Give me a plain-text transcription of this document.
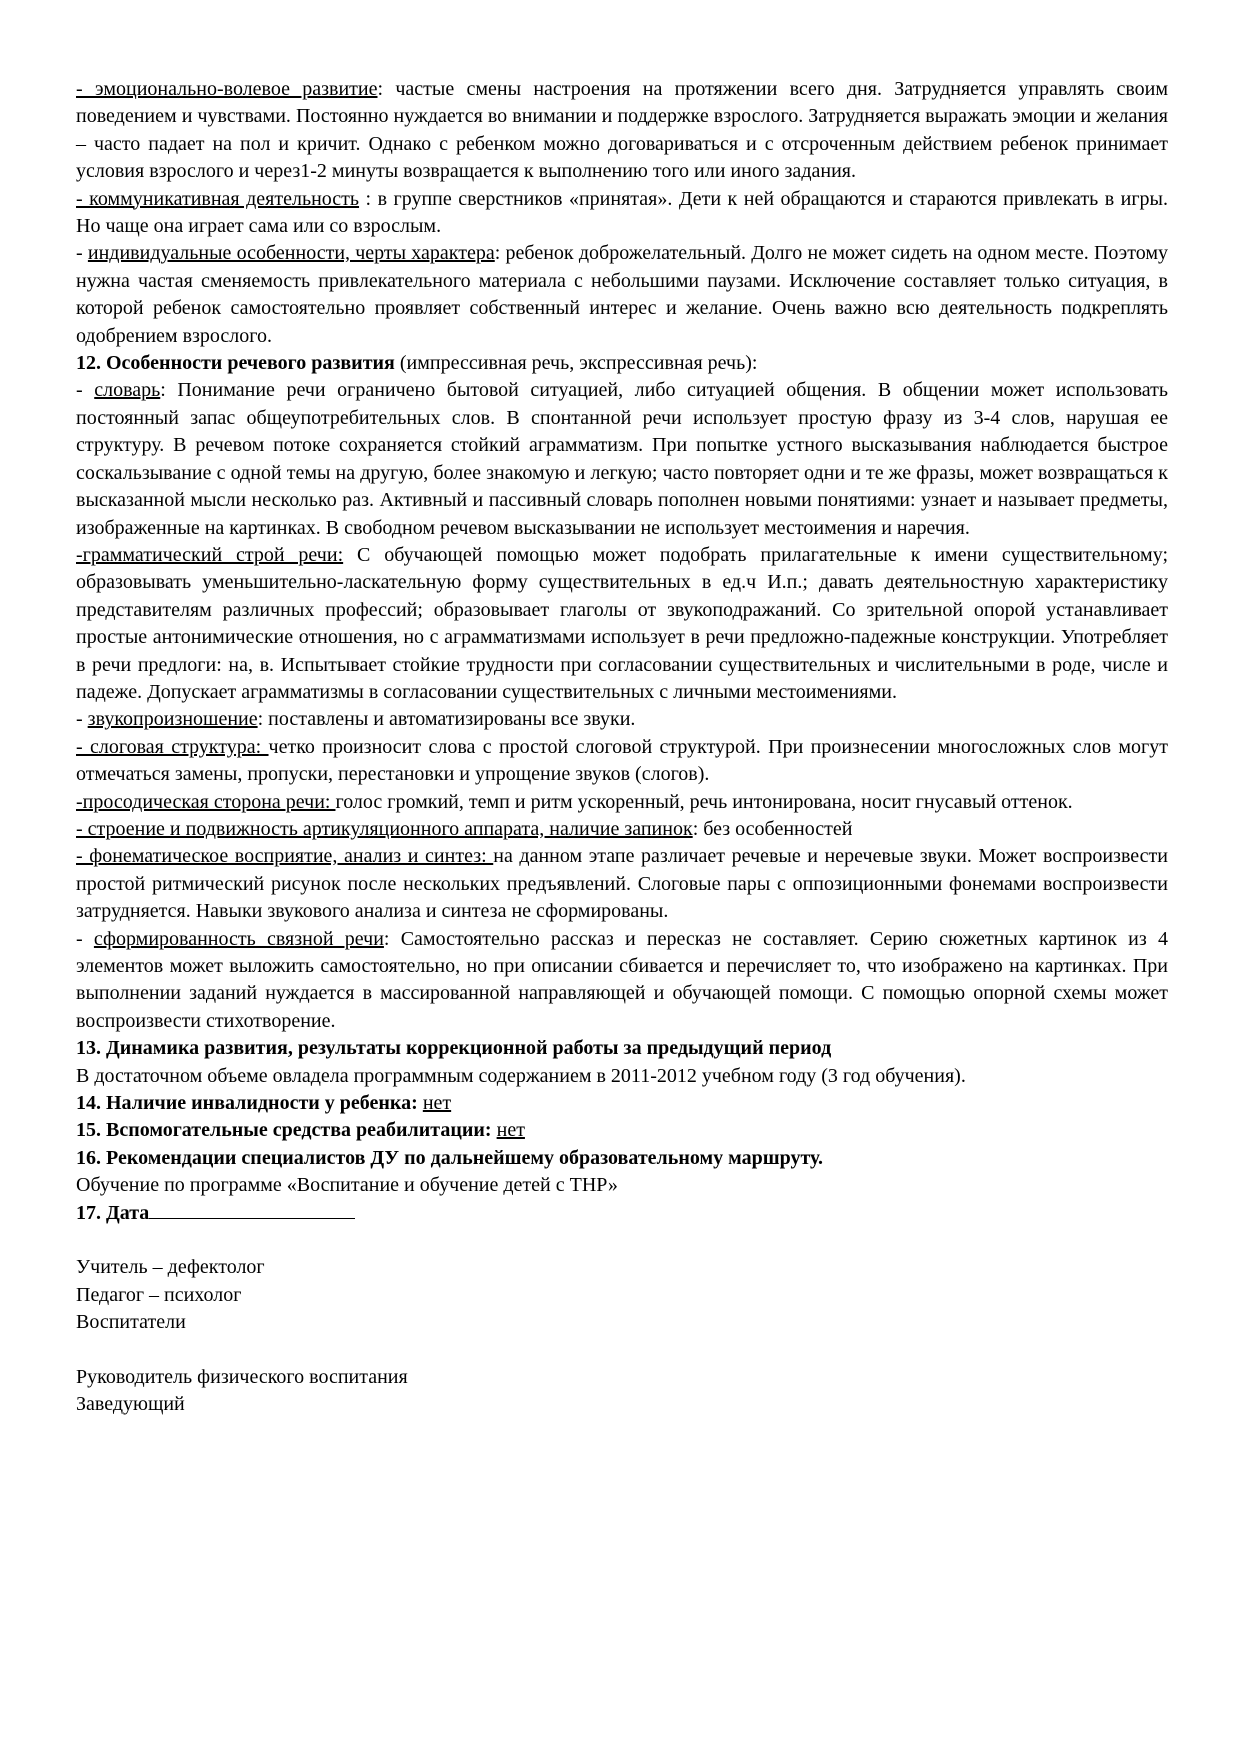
- эмоционально-волевое развитие: частые смены настроения на протяжении всего дня. Затрудняется управлять своим поведением и чувствами. Постоянно нуждается во внимании и поддержке взрослого. Затрудняется выражать эмоции и желания – часто падает на пол и кричит. Однако с ребенком можно договариваться и с отсроченным действием ребенок принимает условия взрослого и через1-2 минуты возвращается к выполнению того или иного задания.

- коммуникативная деятельность : в группе сверстников «принятая». Дети к ней обращаются и стараются привлекать в игры. Но чаще она играет сама или со взрослым.

- индивидуальные особенности, черты характера: ребенок доброжелательный. Долго не может сидеть на одном месте. Поэтому нужна частая сменяемость привлекательного материала с небольшими паузами. Исключение составляет только ситуация, в которой ребенок самостоятельно проявляет собственный интерес и желание. Очень важно всю деятельность подкреплять одобрением взрослого.

12. Особенности речевого развития (импрессивная речь, экспрессивная речь):

- словарь: Понимание речи ограничено бытовой ситуацией, либо ситуацией общения. В общении может использовать постоянный запас общеупотребительных слов. В спонтанной речи использует простую фразу из 3-4 слов, нарушая ее структуру. В речевом потоке сохраняется стойкий аграмматизм. При попытке устного высказывания наблюдается быстрое соскальзывание с одной темы на другую, более знакомую и легкую; часто повторяет одни и те же фразы, может возвращаться к высказанной мысли несколько раз. Активный и пассивный словарь пополнен новыми понятиями: узнает и называет предметы, изображенные на картинках. В свободном речевом высказывании не использует местоимения и наречия.

-грамматический строй речи: С обучающей помощью может подобрать прилагательные к имени существительному; образовывать уменьшительно-ласкательную форму существительных в ед.ч И.п.; давать деятельностную характеристику представителям различных профессий; образовывает глаголы от звукоподражаний. Со зрительной опорой устанавливает простые антонимические отношения, но с аграмматизмами использует в речи предложно-падежные конструкции. Употребляет в речи предлоги: на, в. Испытывает стойкие трудности при согласовании существительных и числительными в роде, числе и падеже. Допускает аграмматизмы в согласовании существительных с личными местоимениями.

- звукопроизношение: поставлены и автоматизированы все звуки.

- слоговая структура: четко произносит слова с простой слоговой структурой. При произнесении многосложных слов могут отмечаться замены, пропуски, перестановки и упрощение звуков (слогов).

-просодическая сторона речи: голос громкий, темп и ритм ускоренный, речь интонирована, носит гнусавый оттенок.

- строение и подвижность артикуляционного аппарата, наличие запинок: без особенностей

- фонематическое восприятие, анализ и синтез: на данном этапе различает речевые и неречевые звуки. Может воспроизвести простой ритмический рисунок после нескольких предъявлений. Слоговые пары с оппозиционными фонемами воспроизвести затрудняется. Навыки звукового анализа и синтеза не сформированы.

- сформированность связной речи: Самостоятельно рассказ и пересказ не составляет. Серию сюжетных картинок из 4 элементов может выложить самостоятельно, но при описании сбивается и перечисляет то, что изображено на картинках. При выполнении заданий нуждается в массированной направляющей и обучающей помощи. С помощью опорной схемы может воспроизвести стихотворение.

13. Динамика развития, результаты коррекционной работы за предыдущий период

В достаточном объеме овладела программным содержанием в 2011-2012 учебном году (3 год обучения).

14. Наличие инвалидности у ребенка: нет

15. Вспомогательные средства реабилитации: нет

16. Рекомендации специалистов ДУ по дальнейшему образовательному маршруту.

Обучение по программе «Воспитание и обучение детей с ТНР»

17. Дата

Учитель – дефектолог

Педагог – психолог

Воспитатели

Руководитель физического воспитания

Заведующий
